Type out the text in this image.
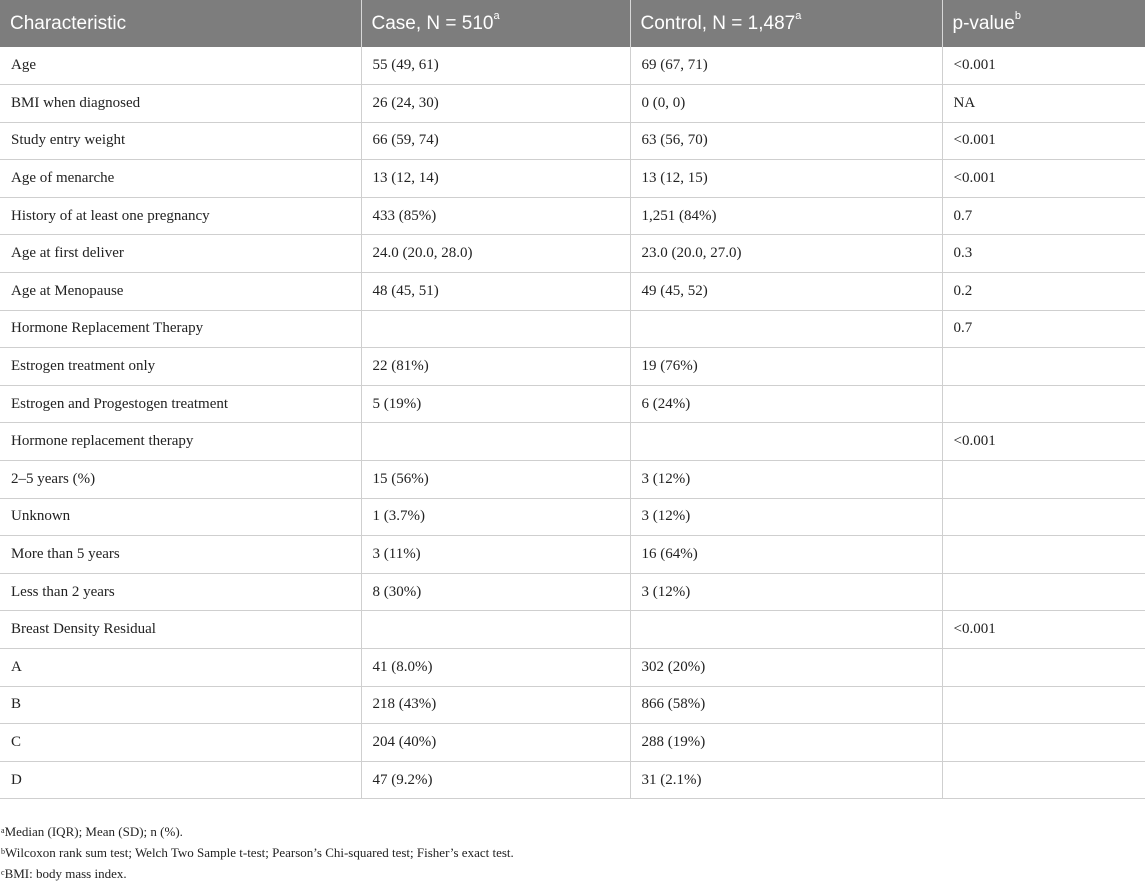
Characteristic	Case, $N = 510^a$	Control, N = 1,487$^a$	p-value$^b$
Age	55 (49, 61)	69 (67, 71)	<0.001
BMI when diagnosed	26 (24, 30)	0 (0, 0)	NA
Study entry weight	66 (59, 74)	63 (56, 70)	<0.001
Age of menarche	13 (12, 14)	13 (12, 15)	<0.001
History of at least one pregnancy	433 (85%)	1,251 (84%)	0.7
Age at first deliver	24.0 (20.0, 28.0)	23.0 (20.0, 27.0)	0.3
Age at Menopause	48 (45, 51)	49 (45, 52)	0.2
Hormone Replacement Therapy			0.7
Estrogen treatment only	22 (81%)	19 (76%)	
Estrogen and Progestogen treatment	5 (19%)	6 (24%)	
Hormone replacement therapy			<0.001
2–5 years (%)	15 (56%)	3 (12%)	
Unknown	1 (3.7%)	3 (12%)	
More than 5 years	3 (11%)	16 (64%)	
Less than 2 years	8 (30%)	3 (12%)	
Breast Density Residual			<0.001
A	41 (8.0%)	302 (20%)	
B	218 (43%)	866 (58%)	
C	204 (40%)	288 (19%)	
D	47 (9.2%)	31 (2.1%)	
$^a$Median (IQR); Mean (SD); n (%).
$^b$Wilcoxon rank sum test; Welch Two Sample t-test; Pearson’s Chi-squared test; Fisher’s exact test.
$^c$BMI: body mass index.
